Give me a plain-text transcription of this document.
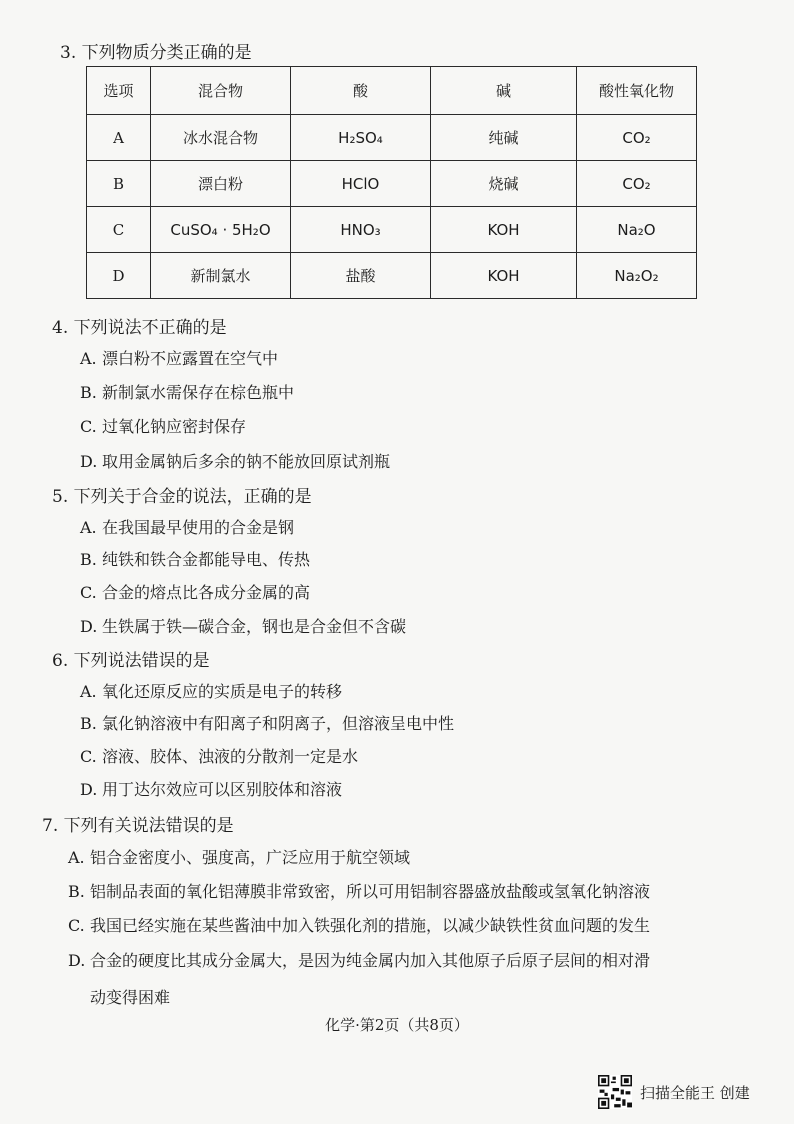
3. 下列物质分类正确的是
选项	混合物	酸	碱	酸性氧化物
A	冰水混合物	H₂SO₄	纯碱	CO₂
B	漂白粉	HClO	烧碱	CO₂
C	CuSO₄ · 5H₂O	HNO₃	KOH	Na₂O
D	新制氯水	盐酸	KOH	Na₂O₂
4. 下列说法不正确的是
A. 漂白粉不应露置在空气中
B. 新制氯水需保存在棕色瓶中
C. 过氧化钠应密封保存
D. 取用金属钠后多余的钠不能放回原试剂瓶
5. 下列关于合金的说法，正确的是
A. 在我国最早使用的合金是钢
B. 纯铁和铁合金都能导电、传热
C. 合金的熔点比各成分金属的高
D. 生铁属于铁—碳合金，钢也是合金但不含碳
6. 下列说法错误的是
A. 氧化还原反应的实质是电子的转移
B. 氯化钠溶液中有阳离子和阴离子，但溶液呈电中性
C. 溶液、胶体、浊液的分散剂一定是水
D. 用丁达尔效应可以区别胶体和溶液
7. 下列有关说法错误的是
A. 铝合金密度小、强度高，广泛应用于航空领域
B. 铝制品表面的氧化铝薄膜非常致密，所以可用铝制容器盛放盐酸或氢氧化钠溶液
C. 我国已经实施在某些酱油中加入铁强化剂的措施，以减少缺铁性贫血问题的发生
D. 合金的硬度比其成分金属大，是因为纯金属内加入其他原子后原子层间的相对滑
动变得困难
化学·第2页（共8页）
扫描全能王 创建
